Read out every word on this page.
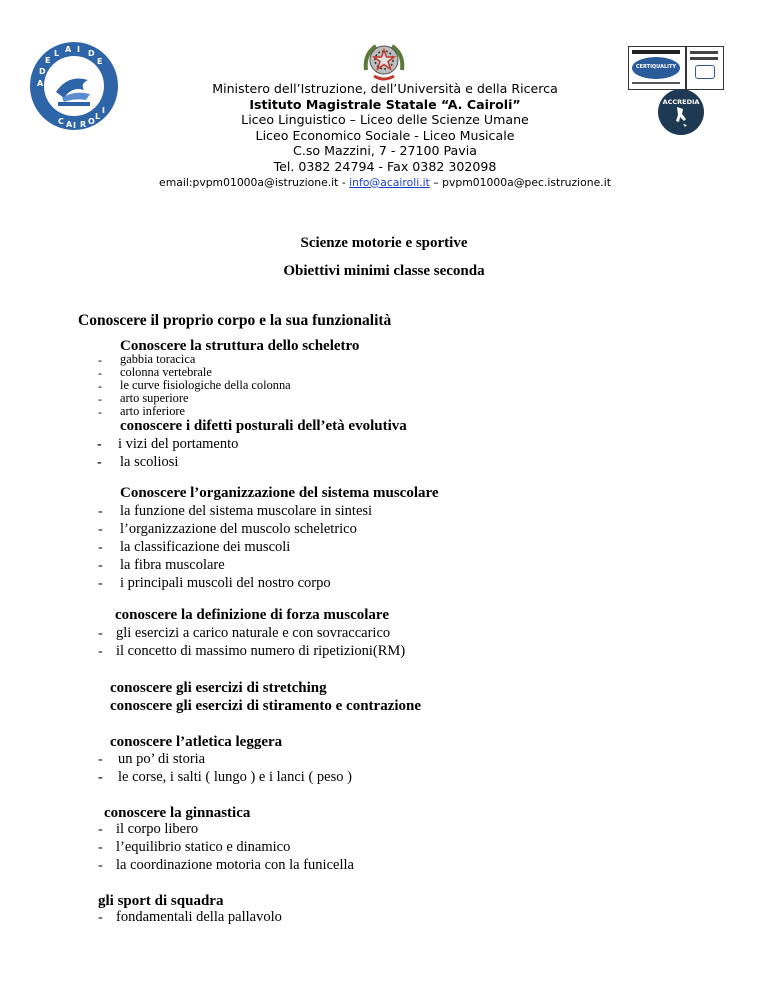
A
D
E
L A I D
E
C A I R O
L
I
CERTIQUALITY
ACCREDIA
Ministero dell’Istruzione, dell’Università e della Ricerca
Istituto Magistrale Statale “A. Cairoli”
Liceo Linguistico – Liceo delle Scienze Umane
Liceo Economico Sociale - Liceo Musicale
C.so Mazzini, 7 - 27100 Pavia
Tel. 0382 24794 - Fax 0382 302098
email:pvpm01000a@istruzione.it - info@acairoli.it – pvpm01000a@pec.istruzione.it
Scienze motorie e sportive
Obiettivi minimi classe seconda
Conoscere il proprio corpo e la sua funzionalità
Conoscere la struttura dello scheletro
-
-
-
-
-
gabbia toracica
colonna vertebrale
le curve fisiologiche della colonna
arto superiore
arto inferiore
conoscere i difetti posturali dell’età evolutiva
-
-
i vizi del portamento
la scoliosi
Conoscere l’organizzazione del sistema muscolare
-
-
-
-
-
la funzione del sistema muscolare in sintesi
l’organizzazione del muscolo scheletrico
la classificazione dei muscoli
la fibra muscolare
i principali muscoli del nostro corpo
conoscere la definizione di forza muscolare
-
-
gli esercizi a carico naturale e con sovraccarico
il concetto di massimo numero di ripetizioni(RM)
conoscere gli esercizi di stretching
conoscere gli esercizi di stiramento e contrazione
conoscere l’atletica leggera
-
-
un po’ di storia
le corse, i salti ( lungo ) e i lanci ( peso )
conoscere la ginnastica
-
-
-
il corpo libero
l’equilibrio statico e dinamico
la coordinazione motoria con la funicella
gli sport di squadra
- fondamentali della pallavolo
